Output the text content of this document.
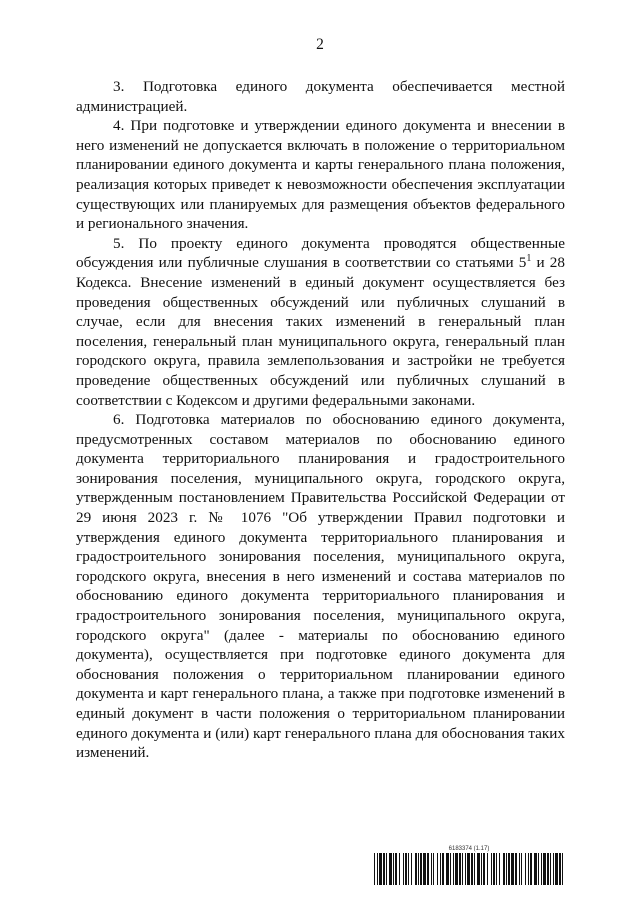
2

3. Подготовка единого документа обеспечивается местной администрацией.

4. При подготовке и утверждении единого документа и внесении в него изменений не допускается включать в положение о территориальном планировании единого документа и карты генерального плана положения, реализация которых приведет к невозможности обеспечения эксплуатации существующих или планируемых для размещения объектов федерального и регионального значения.

5. По проекту единого документа проводятся общественные обсуждения или публичные слушания в соответствии со статьями $5^1$ и 28 Кодекса. Внесение изменений в единый документ осуществляется без проведения общественных обсуждений или публичных слушаний в случае, если для внесения таких изменений в генеральный план поселения, генеральный план муниципального округа, генеральный план городского округа, правила землепользования и застройки не требуется проведение общественных обсуждений или публичных слушаний в соответствии с Кодексом и другими федеральными законами.

6. Подготовка материалов по обоснованию единого документа, предусмотренных составом материалов по обоснованию единого документа территориального планирования и градостроительного зонирования поселения, муниципального округа, городского округа, утвержденным постановлением Правительства Российской Федерации от 29 июня 2023 г. № 1076 "Об утверждении Правил подготовки и утверждения единого документа территориального планирования и градостроительного зонирования поселения, муниципального округа, городского округа, внесения в него изменений и состава материалов по обоснованию единого документа территориального планирования и градостроительного зонирования поселения, муниципального округа, городского округа" (далее - материалы по обоснованию единого документа), осуществляется при подготовке единого документа для обоснования положения о территориальном планировании единого документа и карт генерального плана, а также при подготовке изменений в единый документ в части положения о территориальном планировании единого документа и (или) карт генерального плана для обоснования таких изменений.

6183374 (1.17)
